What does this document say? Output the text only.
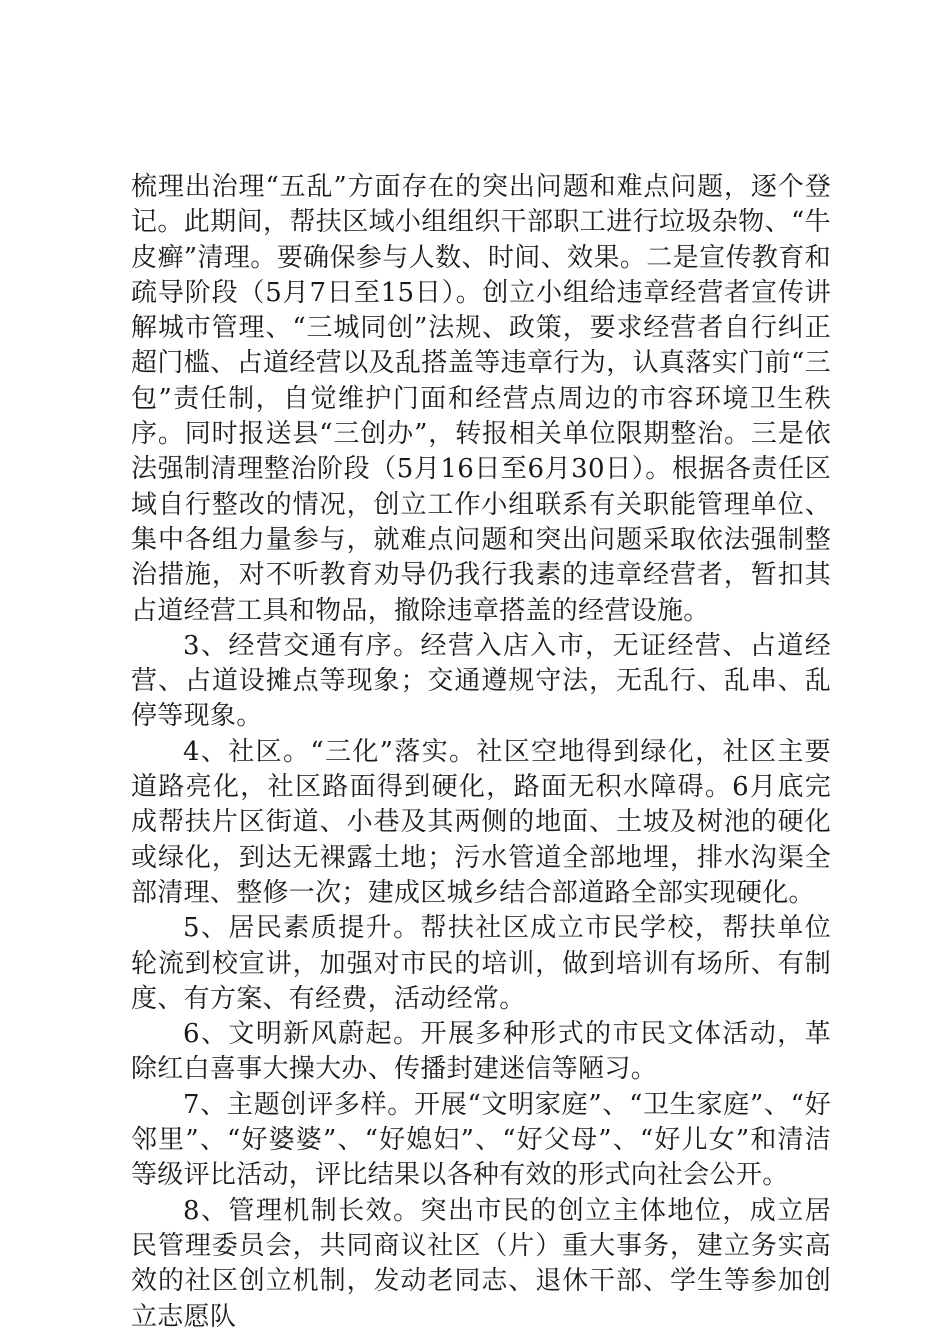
梳理出治理“五乱”方面存在的突出问题和难点问题，逐个登记。此期间，帮扶区域小组组织干部职工进行垃圾杂物、“牛皮癣”清理。要确保参与人数、时间、效果。二是宣传教育和疏导阶段（5月7日至15日）。创立小组给违章经营者宣传讲解城市管理、“三城同创”法规、政策，要求经营者自行纠正超门槛、占道经营以及乱搭盖等违章行为，认真落实门前“三包”责任制，自觉维护门面和经营点周边的市容环境卫生秩序。同时报送县“三创办”，转报相关单位限期整治。三是依法强制清理整治阶段（5月16日至6月30日）。根据各责任区域自行整改的情况，创立工作小组联系有关职能管理单位、集中各组力量参与，就难点问题和突出问题采取依法强制整治措施，对不听教育劝导仍我行我素的违章经营者，暂扣其占道经营工具和物品，撤除违章搭盖的经营设施。

3、经营交通有序。经营入店入市，无证经营、占道经营、占道设摊点等现象；交通遵规守法，无乱行、乱串、乱停等现象。

4、社区。“三化”落实。社区空地得到绿化，社区主要道路亮化，社区路面得到硬化，路面无积水障碍。6月底完成帮扶片区街道、小巷及其两侧的地面、土坡及树池的硬化或绿化，到达无裸露土地；污水管道全部地埋，排水沟渠全部清理、整修一次；建成区城乡结合部道路全部实现硬化。

5、居民素质提升。帮扶社区成立市民学校，帮扶单位轮流到校宣讲，加强对市民的培训，做到培训有场所、有制度、有方案、有经费，活动经常。

6、文明新风蔚起。开展多种形式的市民文体活动，革除红白喜事大操大办、传播封建迷信等陋习。

7、主题创评多样。开展“文明家庭”、“卫生家庭”、“好邻里”、“好婆婆”、“好媳妇”、“好父母”、“好儿女”和清洁等级评比活动，评比结果以各种有效的形式向社会公开。

8、管理机制长效。突出市民的创立主体地位，成立居民管理委员会，共同商议社区（片）重大事务，建立务实高效的社区创立机制，发动老同志、退休干部、学生等参加创立志愿队
